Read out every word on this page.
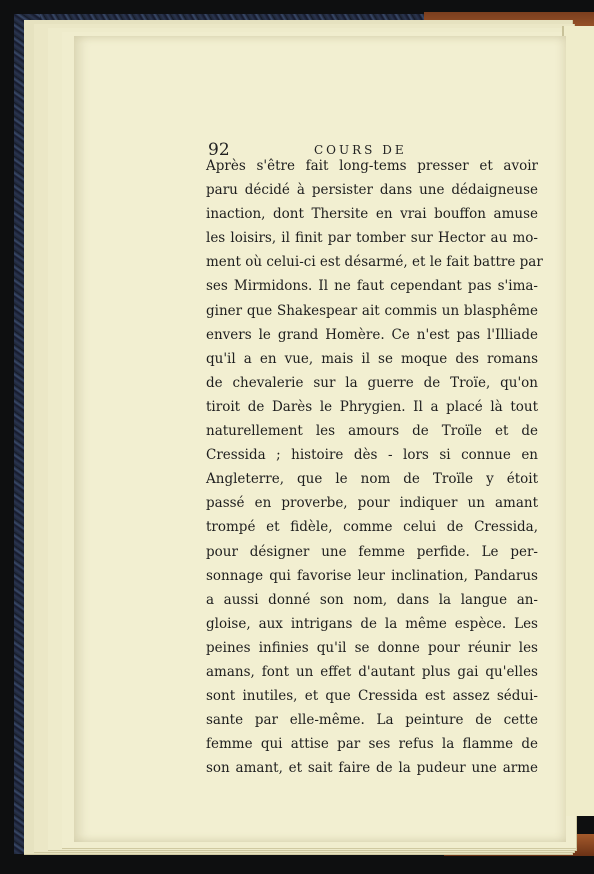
92	COURS DE
Après s'être fait long-tems presser et avoir
paru décidé à persister dans une dédaigneuse
inaction, dont Thersite en vrai bouffon amuse
les loisirs, il finit par tomber sur Hector au mo-
ment où celui-ci est désarmé, et le fait battre par
ses Mirmidons. Il ne faut cependant pas s'ima-
giner que Shakespear ait commis un blasphême
envers le grand Homère. Ce n'est pas l'Illiade
qu'il a en vue, mais il se moque des romans
de chevalerie sur la guerre de Troïe, qu'on
tiroit de Darès le Phrygien. Il a placé là tout
naturellement les amours de Troïle et de
Cressida ; histoire dès - lors si connue en
Angleterre, que le nom de Troïle y étoit
passé en proverbe, pour indiquer un amant
trompé et fidèle, comme celui de Cressida,
pour désigner une femme perfide. Le per-
sonnage qui favorise leur inclination, Pandarus
a aussi donné son nom, dans la langue an-
gloise, aux intrigans de la même espèce. Les
peines infinies qu'il se donne pour réunir les
amans, font un effet d'autant plus gai qu'elles
sont inutiles, et que Cressida est assez sédui-
sante par elle-même. La peinture de cette
femme qui attise par ses refus la flamme de
son amant, et sait faire de la pudeur une arme
